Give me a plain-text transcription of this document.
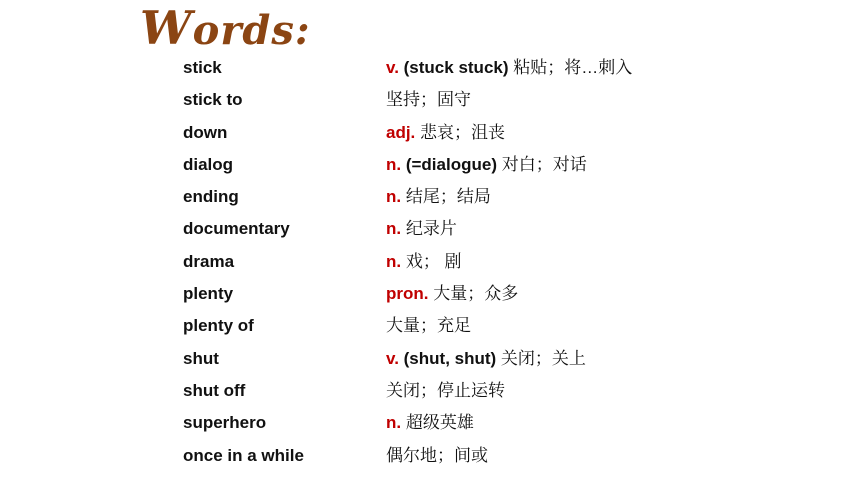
Words:
stick	v. (stuck stuck) 粘贴；将…刺入
stick to	坚持；固守
down	adj. 悲哀；沮丧
dialog	n. (=dialogue) 对白；对话
ending	n. 结尾；结局
documentary	n. 纪录片
drama	n. 戏； 剧
plenty	pron. 大量；众多
plenty of	大量；充足
shut	v. (shut, shut) 关闭；关上
shut off	关闭；停止运转
superhero	n. 超级英雄
once in a while	偶尔地；间或
